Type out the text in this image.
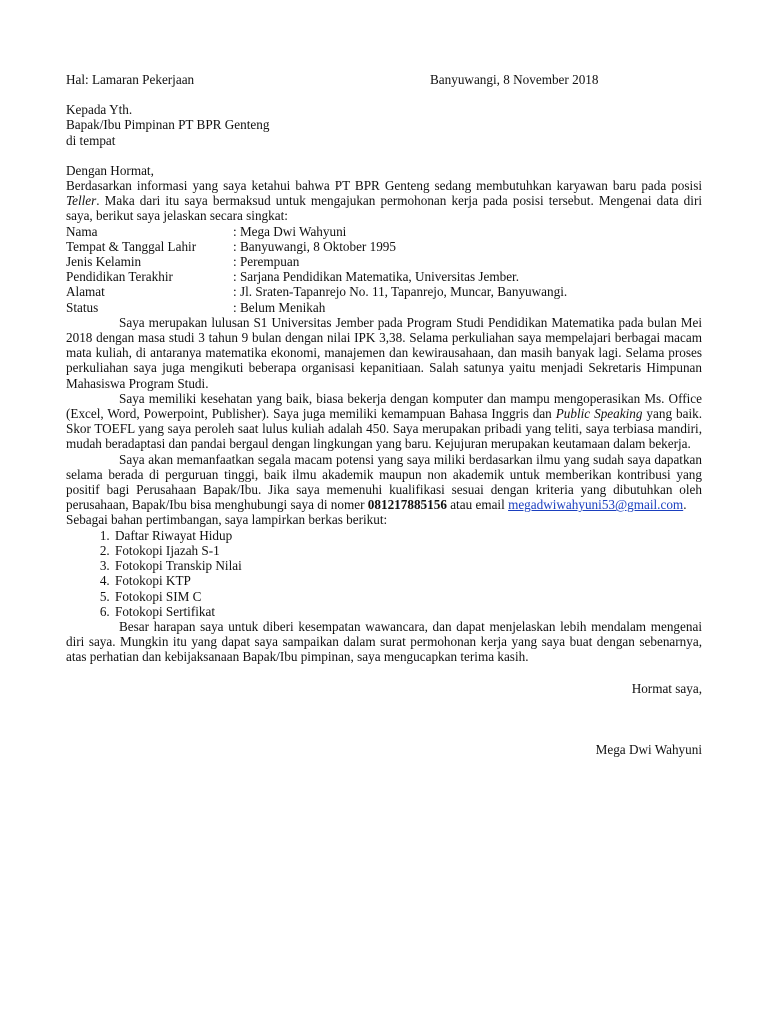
Hal: Lamaran Pekerjaan	Banyuwangi, 8 November 2018
Kepada Yth.
Bapak/Ibu Pimpinan PT BPR Genteng
di tempat
Dengan Hormat,

Berdasarkan informasi yang saya ketahui bahwa PT BPR Genteng sedang membutuhkan karyawan baru pada posisi Teller. Maka dari itu saya bermaksud untuk mengajukan permohonan kerja pada posisi tersebut. Mengenai data diri saya, berikut saya jelaskan secara singkat:

Nama	: Mega Dwi Wahyuni
Tempat & Tanggal Lahir	: Banyuwangi, 8 Oktober 1995
Jenis Kelamin	: Perempuan
Pendidikan Terakhir	: Sarjana Pendidikan Matematika, Universitas Jember.
Alamat	: Jl. Sraten-Tapanrejo No. 11, Tapanrejo, Muncar, Banyuwangi.
Status	: Belum Menikah

Saya merupakan lulusan S1 Universitas Jember pada Program Studi Pendidikan Matematika pada bulan Mei 2018 dengan masa studi 3 tahun 9 bulan dengan nilai IPK 3,38. Selama perkuliahan saya mempelajari berbagai macam mata kuliah, di antaranya matematika ekonomi, manajemen dan kewirausahaan, dan masih banyak lagi. Selama proses perkuliahan saya juga mengikuti beberapa organisasi kepanitiaan. Salah satunya yaitu menjadi Sekretaris Himpunan Mahasiswa Program Studi.

Saya memiliki kesehatan yang baik, biasa bekerja dengan komputer dan mampu mengoperasikan Ms. Office (Excel, Word, Powerpoint, Publisher). Saya juga memiliki kemampuan Bahasa Inggris dan Public Speaking yang baik. Skor TOEFL yang saya peroleh saat lulus kuliah adalah 450. Saya merupakan pribadi yang teliti, saya terbiasa mandiri, mudah beradaptasi dan pandai bergaul dengan lingkungan yang baru. Kejujuran merupakan keutamaan dalam bekerja.

Saya akan memanfaatkan segala macam potensi yang saya miliki berdasarkan ilmu yang sudah saya dapatkan selama berada di perguruan tinggi, baik ilmu akademik maupun non akademik untuk memberikan kontribusi yang positif bagi Perusahaan Bapak/Ibu. Jika saya memenuhi kualifikasi sesuai dengan kriteria yang dibutuhkan oleh perusahaan, Bapak/Ibu bisa menghubungi saya di nomer 081217885156 atau email megadwiwahyuni53@gmail.com.

Sebagai bahan pertimbangan, saya lampirkan berkas berikut:
1. Daftar Riwayat Hidup
2. Fotokopi Ijazah S-1
3. Fotokopi Transkip Nilai
4. Fotokopi KTP
5. Fotokopi SIM C
6. Fotokopi Sertifikat

Besar harapan saya untuk diberi kesempatan wawancara, dan dapat menjelaskan lebih mendalam mengenai diri saya. Mungkin itu yang dapat saya sampaikan dalam surat permohonan kerja yang saya buat dengan sebenarnya, atas perhatian dan kebijaksanaan Bapak/Ibu pimpinan, saya mengucapkan terima kasih.

Hormat saya,
Mega Dwi Wahyuni
